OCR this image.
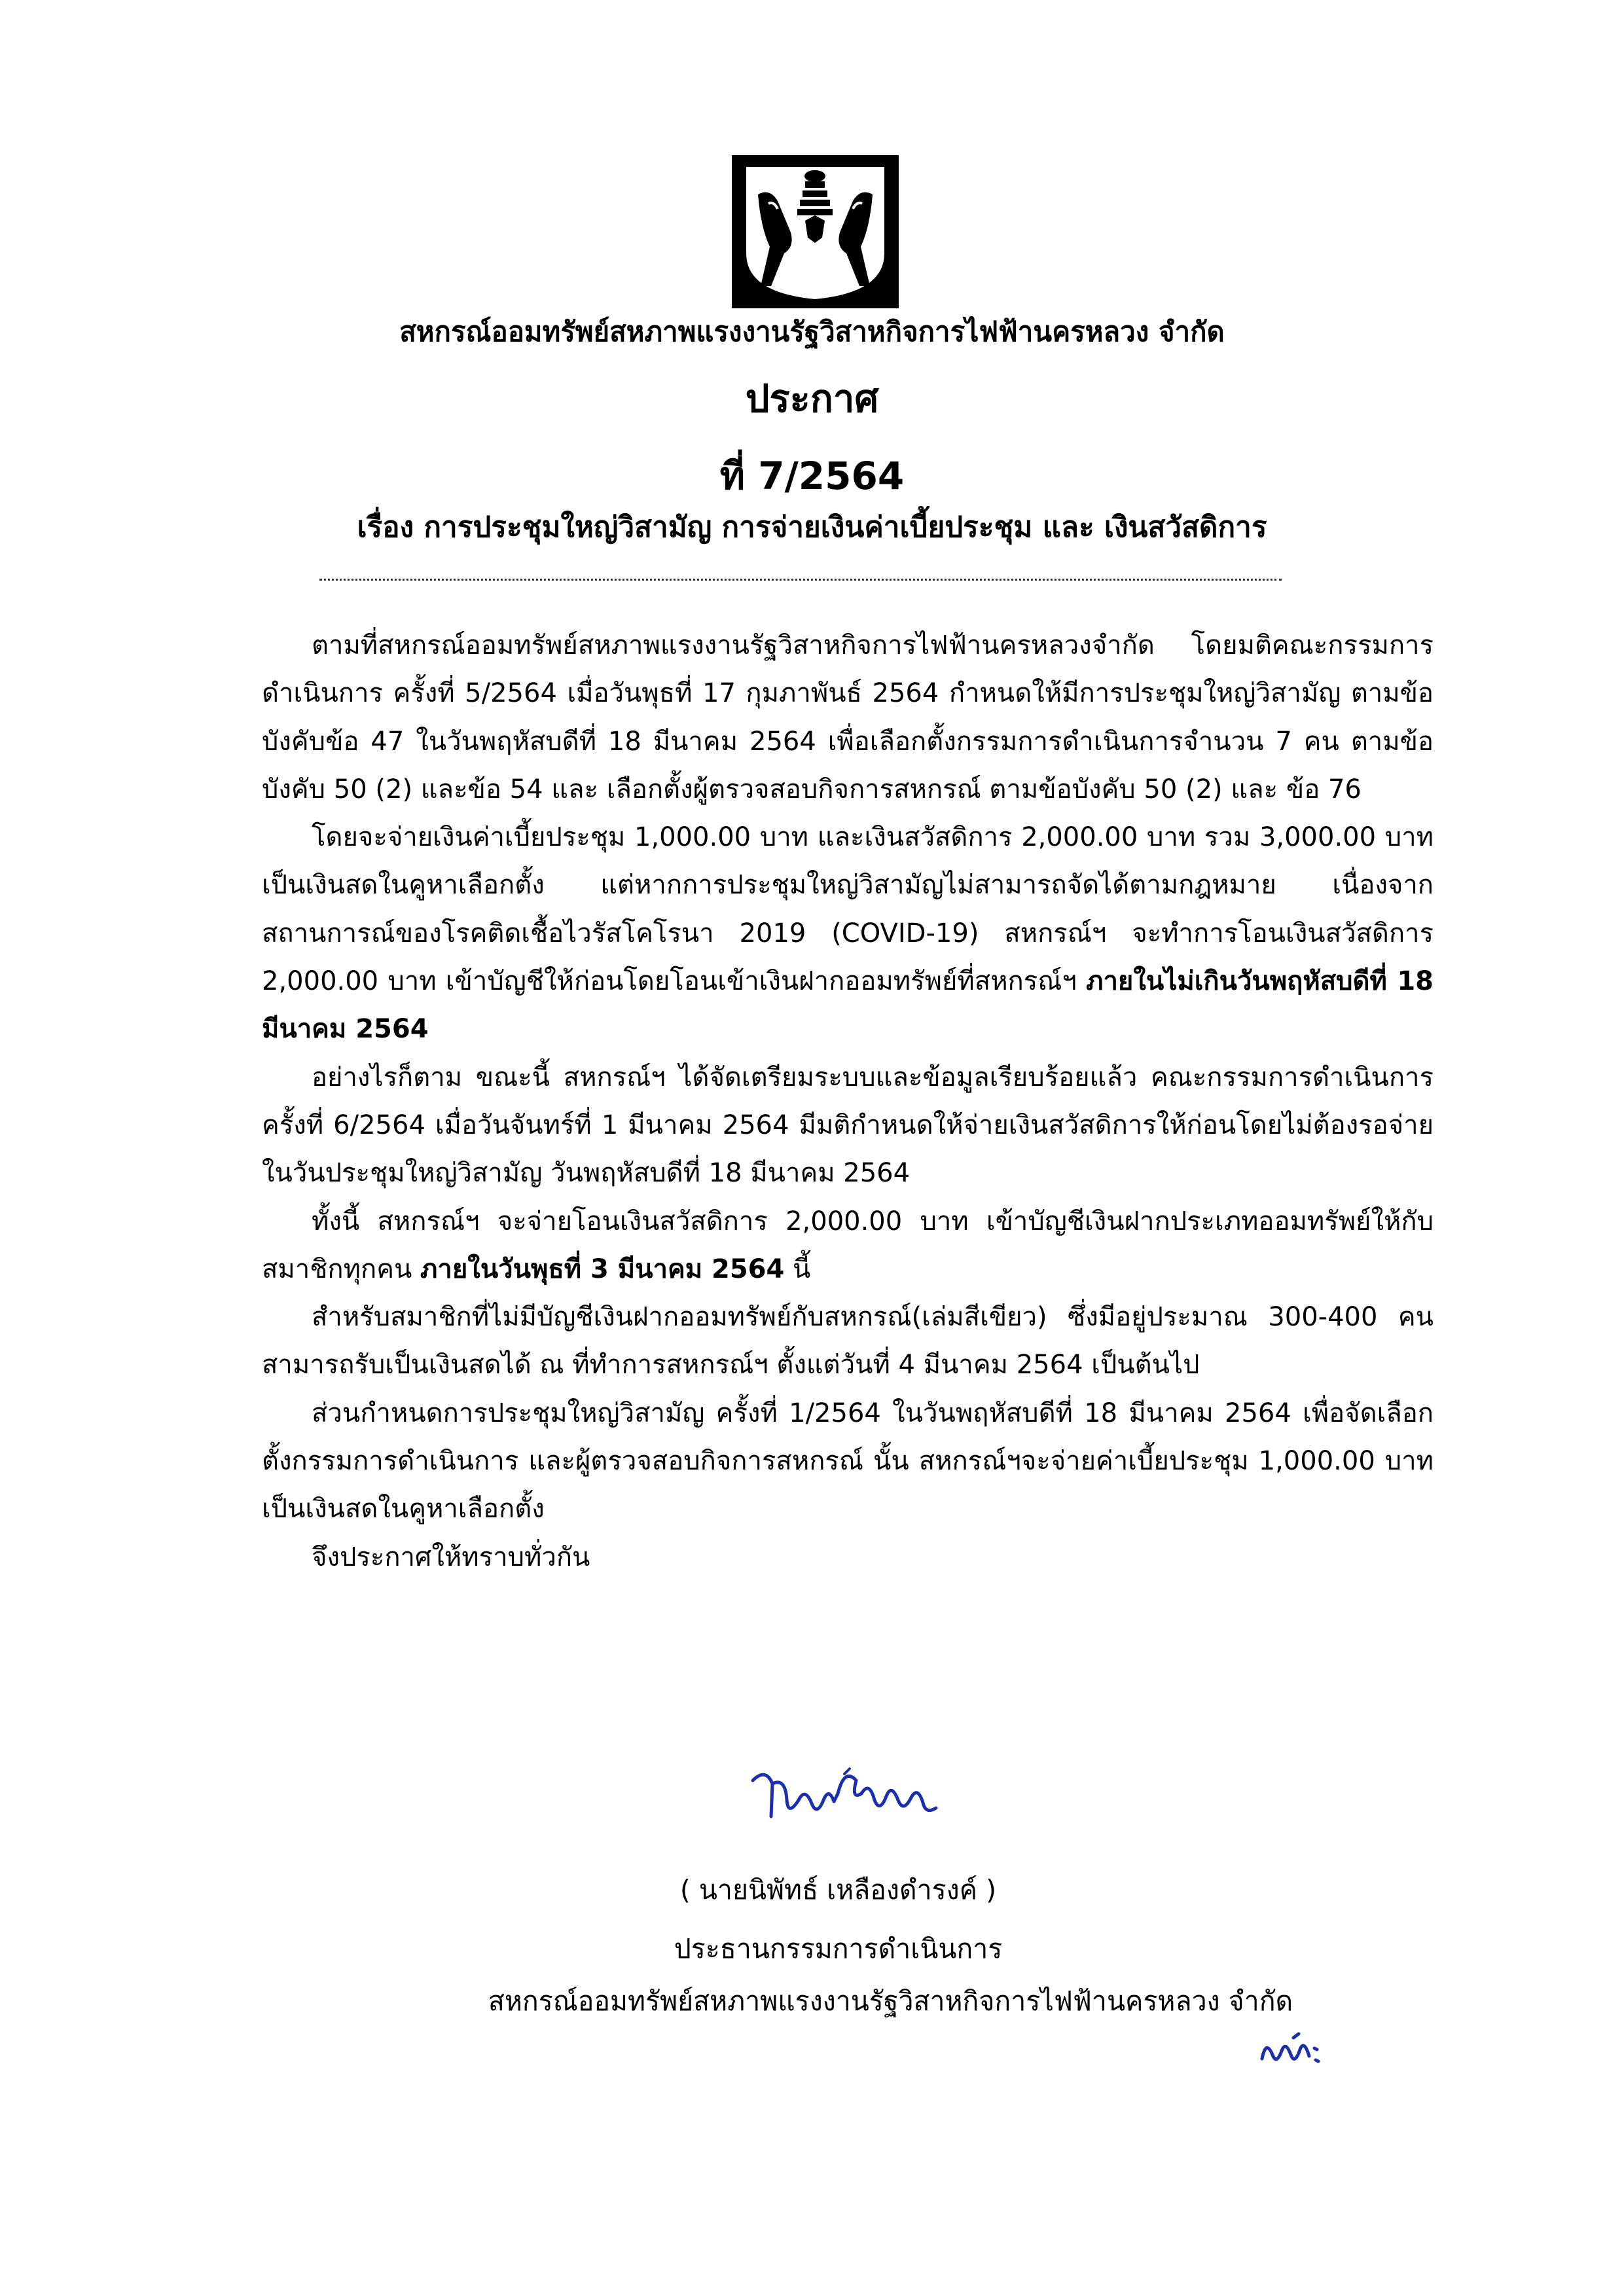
สหกรณ์ออมทรัพย์สหภาพแรงงานรัฐวิสาหกิจการไฟฟ้านครหลวง จำกัด
ประกาศ
ที่ 7/2564
เรื่อง การประชุมใหญ่วิสามัญ การจ่ายเงินค่าเบี้ยประชุม และ เงินสวัสดิการ

ตามที่สหกรณ์ออมทรัพย์สหภาพแรงงานรัฐวิสาหกิจการไฟฟ้านครหลวงจำกัด โดยมติคณะกรรมการดำเนินการ ครั้งที่ 5/2564 เมื่อวันพุธที่ 17 กุมภาพันธ์ 2564 กำหนดให้มีการประชุมใหญ่วิสามัญ ตามข้อบังคับข้อ 47 ในวันพฤหัสบดีที่ 18 มีนาคม 2564 เพื่อเลือกตั้งกรรมการดำเนินการจำนวน 7 คน ตามข้อบังคับ 50 (2) และข้อ 54 และ เลือกตั้งผู้ตรวจสอบกิจการสหกรณ์ ตามข้อบังคับ 50 (2) และ ข้อ 76

โดยจะจ่ายเงินค่าเบี้ยประชุม 1,000.00 บาท และเงินสวัสดิการ 2,000.00 บาท รวม 3,000.00 บาท เป็นเงินสดในคูหาเลือกตั้ง แต่หากการประชุมใหญ่วิสามัญไม่สามารถจัดได้ตามกฎหมาย เนื่องจากสถานการณ์ของโรคติดเชื้อไวรัสโคโรนา 2019 (COVID-19) สหกรณ์ฯ จะทำการโอนเงินสวัสดิการ 2,000.00 บาท เข้าบัญชีให้ก่อนโดยโอนเข้าเงินฝากออมทรัพย์ที่สหกรณ์ฯ ภายในไม่เกินวันพฤหัสบดีที่ 18 มีนาคม 2564

อย่างไรก็ตาม ขณะนี้ สหกรณ์ฯ ได้จัดเตรียมระบบและข้อมูลเรียบร้อยแล้ว คณะกรรมการดำเนินการ ครั้งที่ 6/2564 เมื่อวันจันทร์ที่ 1 มีนาคม 2564 มีมติกำหนดให้จ่ายเงินสวัสดิการให้ก่อนโดยไม่ต้องรอจ่ายในวันประชุมใหญ่วิสามัญ วันพฤหัสบดีที่ 18 มีนาคม 2564

ทั้งนี้ สหกรณ์ฯ จะจ่ายโอนเงินสวัสดิการ 2,000.00 บาท เข้าบัญชีเงินฝากประเภทออมทรัพย์ให้กับสมาชิกทุกคน ภายในวันพุธที่ 3 มีนาคม 2564 นี้

สำหรับสมาชิกที่ไม่มีบัญชีเงินฝากออมทรัพย์กับสหกรณ์(เล่มสีเขียว) ซึ่งมีอยู่ประมาณ 300-400 คน สามารถรับเป็นเงินสดได้ ณ ที่ทำการสหกรณ์ฯ ตั้งแต่วันที่ 4 มีนาคม 2564 เป็นต้นไป

ส่วนกำหนดการประชุมใหญ่วิสามัญ ครั้งที่ 1/2564 ในวันพฤหัสบดีที่ 18 มีนาคม 2564 เพื่อจัดเลือกตั้งกรรมการดำเนินการ และผู้ตรวจสอบกิจการสหกรณ์ นั้น สหกรณ์ฯจะจ่ายค่าเบี้ยประชุม 1,000.00 บาท เป็นเงินสดในคูหาเลือกตั้ง

จึงประกาศให้ทราบทั่วกัน

( นายนิพัทธ์ เหลืองดำรงค์ )
ประธานกรรมการดำเนินการ
สหกรณ์ออมทรัพย์สหภาพแรงงานรัฐวิสาหกิจการไฟฟ้านครหลวง จำกัด
